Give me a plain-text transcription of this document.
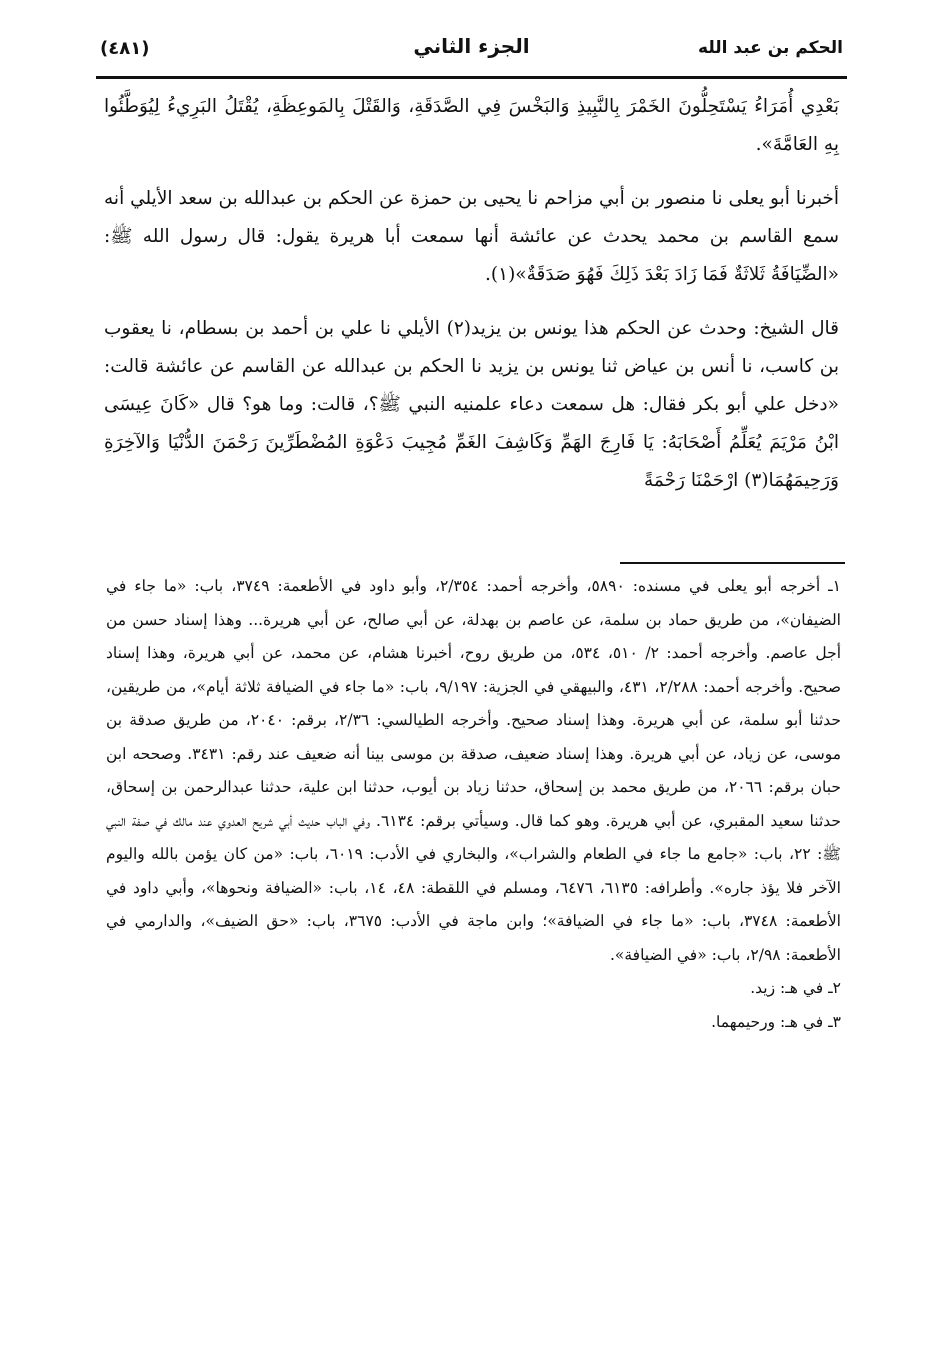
الحكم بن عبد الله
الجزء الثاني
(٤٨١)

بَعْدِي أُمَرَاءُ يَسْتَحِلُّونَ الخَمْرَ بِالنَّبِيذِ وَالبَخْسَ فِي الصَّدَقَةِ، وَالقَتْلَ بِالمَوعِظَةِ، يُقْتَلُ البَرِيءُ لِيُوَطَّئُوا بِهِ العَامَّةَ».

أخبرنا أبو يعلى نا منصور بن أبي مزاحم نا يحيى بن حمزة عن الحكم بن عبدالله بن سعد الأيلي أنه سمع القاسم بن محمد يحدث عن عائشة أنها سمعت أبا هريرة يقول: قال رسول الله ﷺ: «الضِّيَافَةُ ثَلاثَةٌ فَمَا زَادَ بَعْدَ ذَلِكَ فَهُوَ صَدَقَةٌ»(١).

قال الشيخ: وحدث عن الحكم هذا يونس بن يزيد(٢) الأيلي نا علي بن أحمد بن بسطام، نا يعقوب بن كاسب، نا أنس بن عياض ثنا يونس بن يزيد نا الحكم بن عبدالله عن القاسم عن عائشة قالت: «دخل علي أبو بكر فقال: هل سمعت دعاء علمنيه النبي ﷺ؟، قالت: وما هو؟ قال «كَانَ عِيسَى ابْنُ مَرْيَمَ يُعَلِّمُ أَصْحَابَهُ: يَا فَارِجَ الهَمِّ وَكَاشِفَ الغَمِّ مُجِيبَ دَعْوَةِ المُضْطَرِّينَ رَحْمَنَ الدُّنْيَا وَالآخِرَةِ وَرَحِيمَهُمَا(٣) ارْحَمْنَا رَحْمَةً

١ـ أخرجه أبو يعلى في مسنده: ٥٨٩٠، وأخرجه أحمد: ٢/٣٥٤، وأبو داود في الأطعمة: ٣٧٤٩، باب: «ما جاء في الضيفان»، من طريق حماد بن سلمة، عن عاصم بن بهدلة، عن أبي صالح، عن أبي هريرة... وهذا إسناد حسن من أجل عاصم. وأخرجه أحمد: ٢/ ٥١٠، ٥٣٤، من طريق روح، أخبرنا هشام، عن محمد، عن أبي هريرة، وهذا إسناد صحيح. وأخرجه أحمد: ٢/٢٨٨، ٤٣١، والبيهقي في الجزية: ٩/١٩٧، باب: «ما جاء في الضيافة ثلاثة أيام»، من طريقين، حدثنا أبو سلمة، عن أبي هريرة. وهذا إسناد صحيح. وأخرجه الطيالسي: ٢/٣٦، برقم: ٢٠٤٠، من طريق صدقة بن موسى، عن زياد، عن أبي هريرة. وهذا إسناد ضعيف، صدقة بن موسى بينا أنه ضعيف عند رقم: ٣٤٣١. وصححه ابن حبان برقم: ٢٠٦٦، من طريق محمد بن إسحاق، حدثنا زياد بن أيوب، حدثنا ابن علية، حدثنا عبدالرحمن بن إسحاق، حدثنا سعيد المقبري، عن أبي هريرة. وهو كما قال. وسيأتي برقم: ٦١٣٤. وفي الباب حديث أبي شريح العدوي عند مالك في صفة النبي ﷺ: ٢٢، باب: «جامع ما جاء في الطعام والشراب»، والبخاري في الأدب: ٦٠١٩، باب: «من كان يؤمن بالله واليوم الآخر فلا يؤذ جاره». وأطرافه: ٦١٣٥، ٦٤٧٦، ومسلم في اللقطة: ٤٨، ١٤، باب: «الضيافة ونحوها»، وأبي داود في الأطعمة: ٣٧٤٨، باب: «ما جاء في الضيافة»؛ وابن ماجة في الأدب: ٣٦٧٥، باب: «حق الضيف»، والدارمي في الأطعمة: ٢/٩٨، باب: «في الضيافة».

٢ـ في هـ: زيد.

٣ـ في هـ: ورحيمهما.
